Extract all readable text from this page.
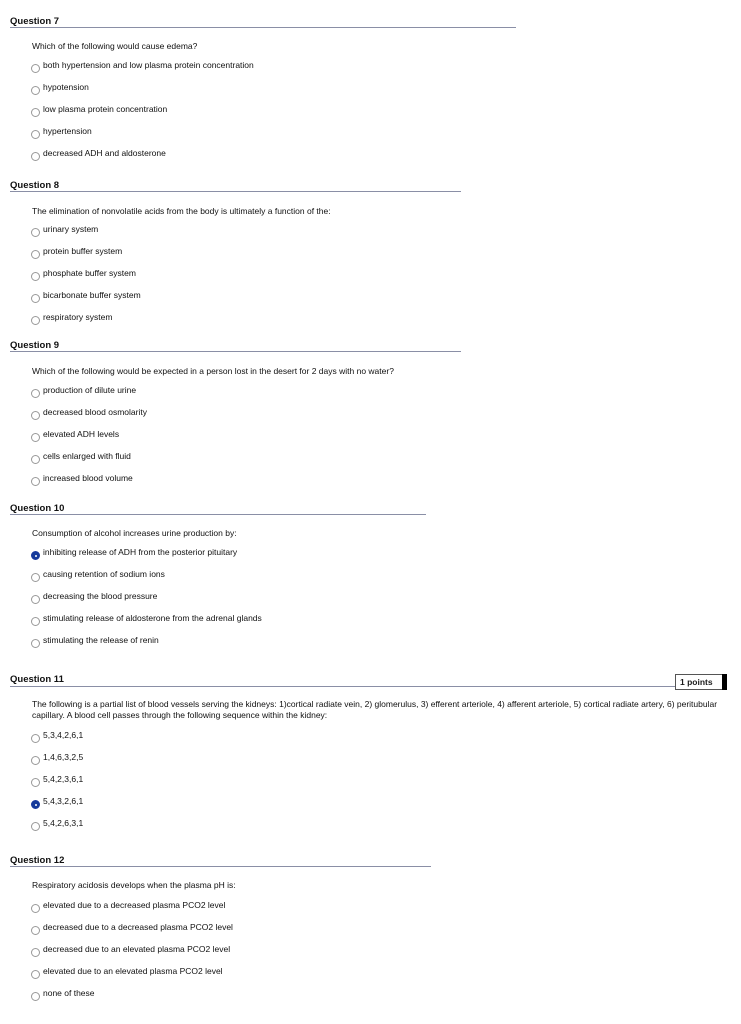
Question 7
Which of the following would cause edema?
both hypertension and low plasma protein concentration
hypotension
low plasma protein concentration
hypertension
decreased ADH and aldosterone
Question 8
The elimination of nonvolatile acids from the body is ultimately a function of the:
urinary system
protein buffer system
phosphate buffer system
bicarbonate buffer system
respiratory system
Question 9
Which of the following would be expected in a person lost in the desert for 2 days with no water?
production of dilute urine
decreased blood osmolarity
elevated ADH levels
cells enlarged with fluid
increased blood volume
Question 10
Consumption of alcohol increases urine production by:
inhibiting release of ADH from the posterior pituitary
causing retention of sodium ions
decreasing the blood pressure
stimulating release of aldosterone from the adrenal glands
stimulating the release of renin
Question 11	1 points
The following is a partial list of blood vessels serving the kidneys: 1)cortical radiate vein, 2) glomerulus, 3) efferent arteriole, 4) afferent arteriole, 5) cortical radiate artery, 6) peritubular capillary. A blood cell passes through the following sequence within the kidney:
5,3,4,2,6,1
1,4,6,3,2,5
5,4,2,3,6,1
5,4,3,2,6,1
5,4,2,6,3,1
Question 12
Respiratory acidosis develops when the plasma pH is:
elevated due to a decreased plasma PCO2 level
decreased due to a decreased plasma PCO2 level
decreased due to an elevated plasma PCO2 level
elevated due to an elevated plasma PCO2 level
none of these
